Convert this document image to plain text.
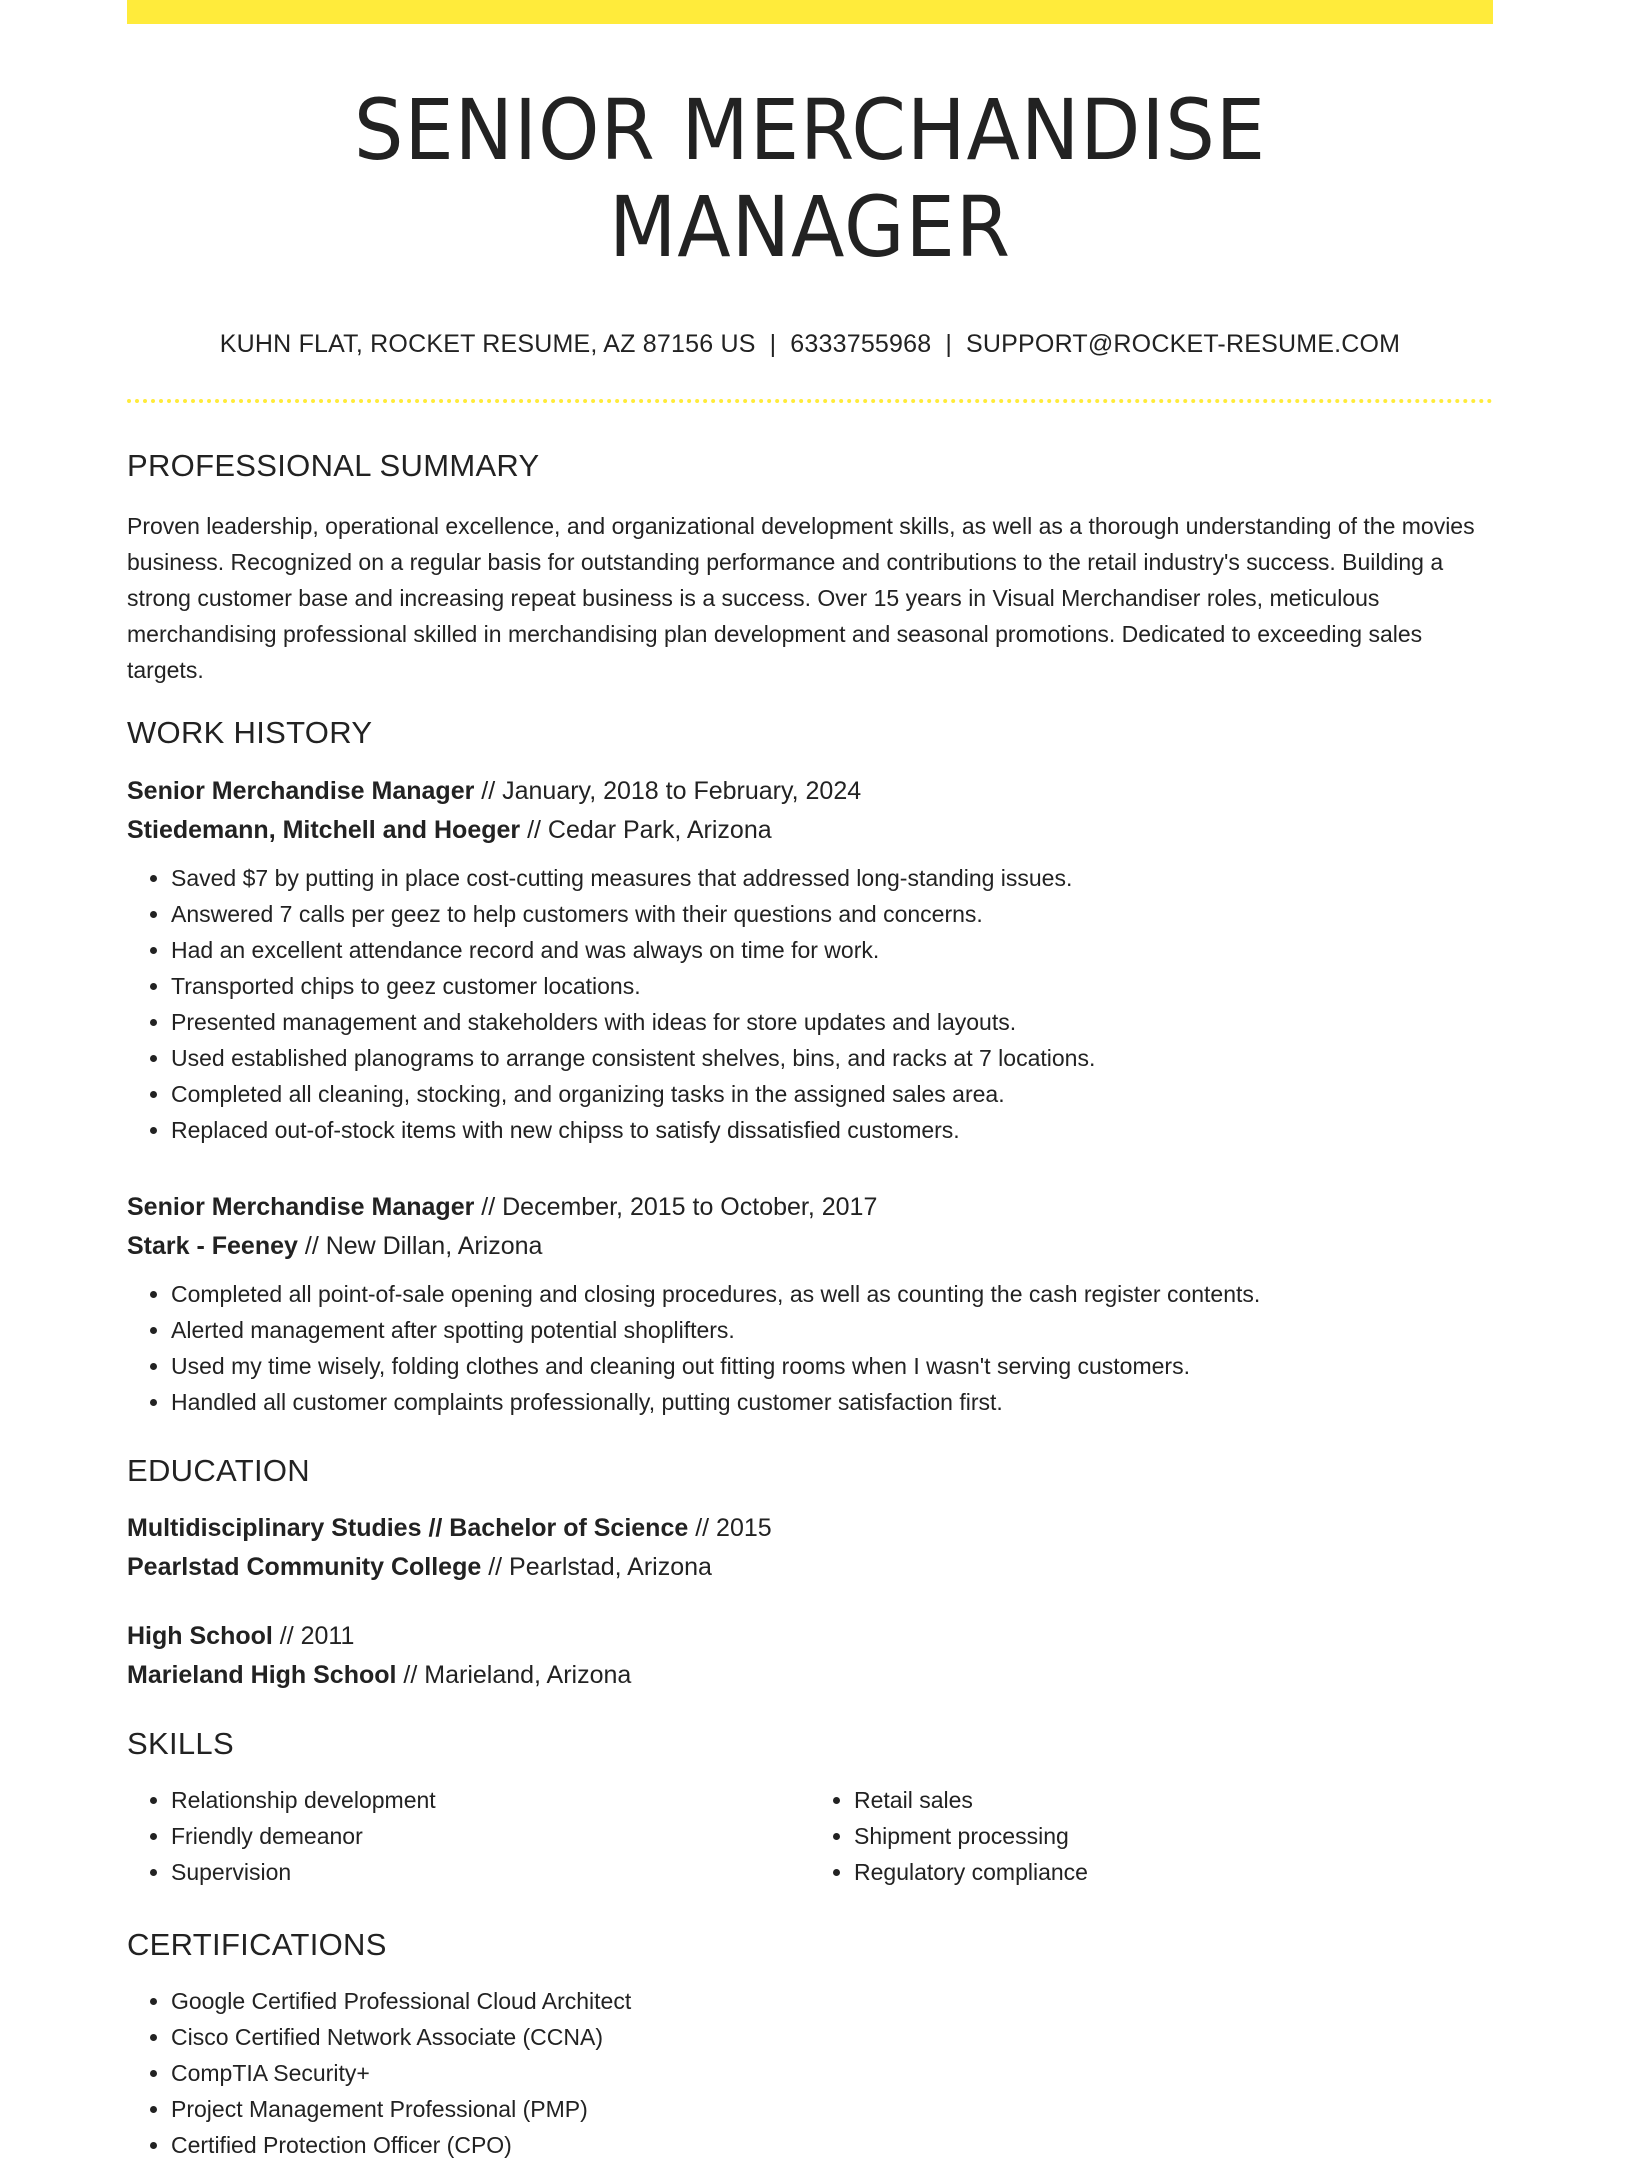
SENIOR MERCHANDISE MANAGER
KUHN FLAT, ROCKET RESUME, AZ 87156 US | 6333755968 | SUPPORT@ROCKET-RESUME.COM
PROFESSIONAL SUMMARY
Proven leadership, operational excellence, and organizational development skills, as well as a thorough understanding of the movies business. Recognized on a regular basis for outstanding performance and contributions to the retail industry's success. Building a strong customer base and increasing repeat business is a success. Over 15 years in Visual Merchandiser roles, meticulous merchandising professional skilled in merchandising plan development and seasonal promotions. Dedicated to exceeding sales targets.
WORK HISTORY
Senior Merchandise Manager // January, 2018 to February, 2024
Stiedemann, Mitchell and Hoeger // Cedar Park, Arizona
• Saved $7 by putting in place cost-cutting measures that addressed long-standing issues.
• Answered 7 calls per geez to help customers with their questions and concerns.
• Had an excellent attendance record and was always on time for work.
• Transported chips to geez customer locations.
• Presented management and stakeholders with ideas for store updates and layouts.
• Used established planograms to arrange consistent shelves, bins, and racks at 7 locations.
• Completed all cleaning, stocking, and organizing tasks in the assigned sales area.
• Replaced out-of-stock items with new chipss to satisfy dissatisfied customers.
Senior Merchandise Manager // December, 2015 to October, 2017
Stark - Feeney // New Dillan, Arizona
• Completed all point-of-sale opening and closing procedures, as well as counting the cash register contents.
• Alerted management after spotting potential shoplifters.
• Used my time wisely, folding clothes and cleaning out fitting rooms when I wasn't serving customers.
• Handled all customer complaints professionally, putting customer satisfaction first.
EDUCATION
Multidisciplinary Studies // Bachelor of Science // 2015
Pearlstad Community College // Pearlstad, Arizona
High School // 2011
Marieland High School // Marieland, Arizona
SKILLS
• Relationship development
• Friendly demeanor
• Supervision
• Retail sales
• Shipment processing
• Regulatory compliance
CERTIFICATIONS
• Google Certified Professional Cloud Architect
• Cisco Certified Network Associate (CCNA)
• CompTIA Security+
• Project Management Professional (PMP)
• Certified Protection Officer (CPO)
